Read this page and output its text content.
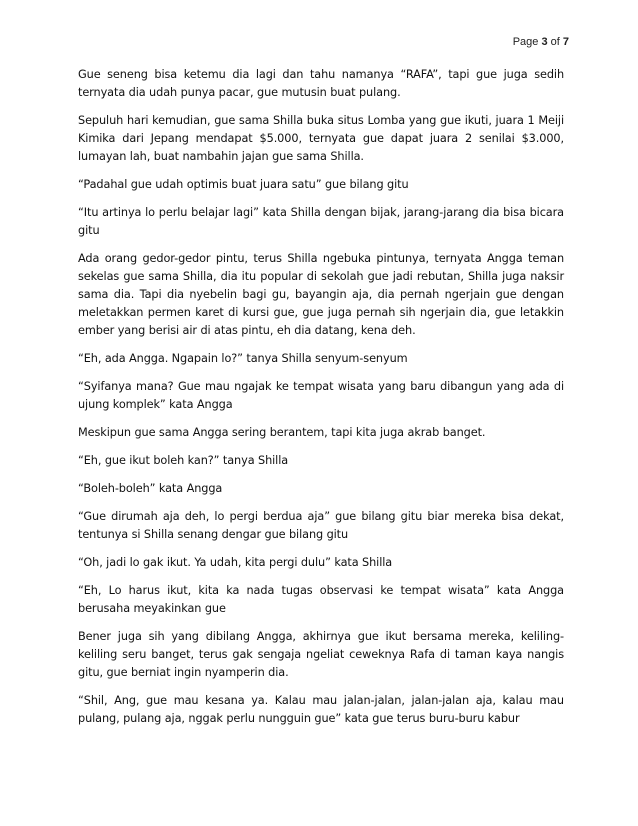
Page 3 of 7

Gue seneng bisa ketemu dia lagi dan tahu namanya “RAFA”, tapi gue juga sedih ternyata dia udah punya pacar, gue mutusin buat pulang.

Sepuluh hari kemudian, gue sama Shilla buka situs Lomba yang gue ikuti, juara 1 Meiji Kimika dari Jepang mendapat $5.000, ternyata gue dapat juara 2 senilai $3.000, lumayan lah, buat nambahin jajan gue sama Shilla.

“Padahal gue udah optimis buat juara satu” gue bilang gitu

“Itu artinya lo perlu belajar lagi” kata Shilla dengan bijak, jarang-jarang dia bisa bicara gitu

Ada orang gedor-gedor pintu, terus Shilla ngebuka pintunya, ternyata Angga teman sekelas gue sama Shilla, dia itu popular di sekolah gue jadi rebutan, Shilla juga naksir sama dia. Tapi dia nyebelin bagi gu, bayangin aja, dia pernah ngerjain gue dengan meletakkan permen karet di kursi gue, gue juga pernah sih ngerjain dia, gue letakkin ember yang berisi air di atas pintu, eh dia datang, kena deh.

“Eh, ada Angga. Ngapain lo?” tanya Shilla senyum-senyum

“Syifanya mana? Gue mau ngajak ke tempat wisata yang baru dibangun yang ada di ujung komplek” kata Angga

Meskipun gue sama Angga sering berantem, tapi kita juga akrab banget.

“Eh, gue ikut boleh kan?” tanya Shilla

“Boleh-boleh” kata Angga

“Gue dirumah aja deh, lo pergi berdua aja” gue bilang gitu biar mereka bisa dekat, tentunya si Shilla senang dengar gue bilang gitu

“Oh, jadi lo gak ikut. Ya udah, kita pergi dulu” kata Shilla

“Eh, Lo harus ikut, kita ka nada tugas observasi ke tempat wisata” kata Angga berusaha meyakinkan gue

Bener juga sih yang dibilang Angga, akhirnya gue ikut bersama mereka, keliling-keliling seru banget, terus gak sengaja ngeliat ceweknya Rafa di taman kaya nangis gitu, gue berniat ingin nyamperin dia.

“Shil, Ang, gue mau kesana ya. Kalau mau jalan-jalan, jalan-jalan aja, kalau mau pulang, pulang aja, nggak perlu nungguin gue” kata gue terus buru-buru kabur
